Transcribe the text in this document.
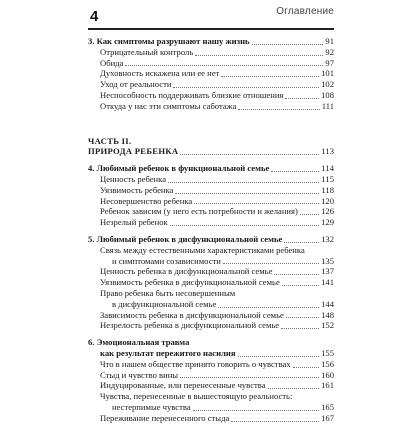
4	Оглавление
3. Как симптомы разрушают нашу жизнь	91
Отрицательный контроль	92
Обида	97
Духовность искажена или ее нет	101
Уход от реальности	102
Неспособность поддерживать близкие отношения	108
Откуда у нас эти симптомы саботажа	111
ЧАСТЬ II.
ПРИРОДА РЕБЕНКА	113
4. Любимый ребенок в функциональной семье	114
Ценность ребенка	115
Уязвимость ребенка	118
Несовершенство ребенка	120
Ребенок зависим (у него есть потребности и желания)	126
Незрелый ребенок	129
5. Любимый ребенок в дисфункциональной семье	132
Связь между естественными характеристиками ребенка
и симптомами созависимости	135
Ценность ребенка в дисфункциональной семье	137
Уязвимость ребенка в дисфункциональной семье	141
Право ребенка быть несовершенным
в дисфункциональной семье	144
Зависимость ребенка в дисфункциональной семье	148
Незрелость ребенка в дисфункциональной семье	152
6. Эмоциональная травма
как результат пережитого насилия	155
Что в нашем обществе принято говорить о чувствах	156
Стыд и чувство вины	160
Индуцированные, или перенесенные чувства	161
Чувства, перенесенные в вышестоящую реальность:
нестерпимые чувства	165
Переживание перенесенного стыда	167
